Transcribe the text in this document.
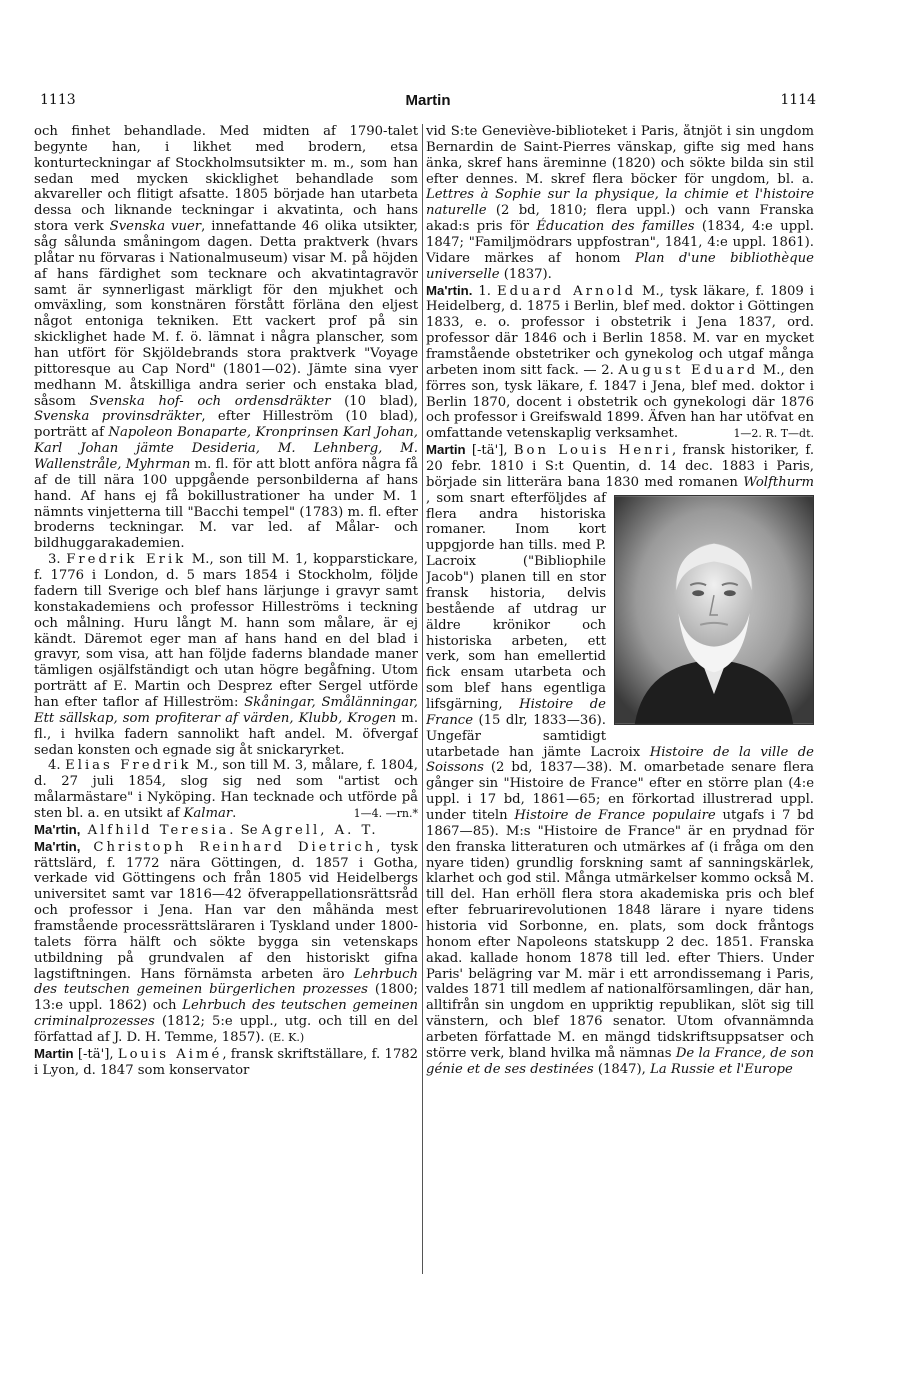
1113	Martin	1114

och finhet behandlade. Med midten af 1790-talet begynte han, i likhet med brodern, etsa konturteckningar af Stockholmsutsikter m. m., som han sedan med mycken skicklighet behandlade som akvareller och flitigt afsatte. 1805 började han utarbeta dessa och liknande teckningar i akvatinta, och hans stora verk Svenska vuer, innefattande 46 olika utsikter, såg sålunda småningom dagen. Detta praktverk (hvars plåtar nu förvaras i Nationalmuseum) visar M. på höjden af hans färdighet som tecknare och akvatintagravör samt är synnerligast märkligt för den mjukhet och omväxling, som konstnären förstått förläna den eljest något entoniga tekniken. Ett vackert prof på sin skicklighet hade M. f. ö. lämnat i några planscher, som han utfört för Skjöldebrands stora praktverk "Voyage pittoresque au Cap Nord" (1801—02). Jämte sina vyer medhann M. åtskilliga andra serier och enstaka blad, såsom Svenska hof- och ordensdräkter (10 blad), Svenska provinsdräkter, efter Hilleström (10 blad), porträtt af Napoleon Bonaparte, Kronprinsen Karl Johan, Karl Johan jämte Desideria, M. Lehnberg, M. Wallenstråle, Myhrman m. fl. för att blott anföra några få af de till nära 100 uppgående personbilderna af hans hand. Af hans ej få bokillustrationer ha under M. 1 nämnts vinjetterna till "Bacchi tempel" (1783) m. fl. efter broderns teckningar. M. var led. af Målar- och bildhuggarakademien.

3. Fredrik Erik M., son till M. 1, kopparstickare, f. 1776 i London, d. 5 mars 1854 i Stockholm, följde fadern till Sverige och blef hans lärjunge i gravyr samt konstakademiens och professor Hilleströms i teckning och målning. Huru långt M. hann som målare, är ej kändt. Däremot eger man af hans hand en del blad i gravyr, som visa, att han följde faderns blandade maner tämligen osjälfständigt och utan högre begåfning. Utom porträtt af E. Martin och Desprez efter Sergel utförde han efter taflor af Hilleström: Skåningar, Smålänningar, Ett sällskap, som profiterar af värden, Klubb, Krogen m. fl., i hvilka fadern sannolikt haft andel. M. öfvergaf sedan konsten och egnade sig åt snickaryrket.

4. Elias Fredrik M., son till M. 3, målare, f. 1804, d. 27 juli 1854, slog sig ned som "artist och målarmästare" i Nyköping. Han tecknade och utförde på sten bl. a. en utsikt af Kalmar.	1—4. —rn.*

Ma'rtin, Alfhild Teresia. Se Agrell, A. T.

Ma'rtin, Christoph Reinhard Dietrich, tysk rättslärd, f. 1772 nära Göttingen, d. 1857 i Gotha, verkade vid Göttingens och från 1805 vid Heidelbergs universitet samt var 1816—42 öfverappellationsrättsråd och professor i Jena. Han var den måhända mest framstående processrättsläraren i Tyskland under 1800-talets förra hälft och sökte bygga sin vetenskaps utbildning på grundvalen af den historiskt gifna lagstiftningen. Hans förnämsta arbeten äro Lehrbuch des teutschen gemeinen bürgerlichen prozesses (1800; 13:e uppl. 1862) och Lehrbuch des teutschen gemeinen criminalprozesses (1812; 5:e uppl., utg. och till en del författad af J. D. H. Temme, 1857). (E. K.)

Martin [-tä'], Louis Aimé, fransk skriftställare, f. 1782 i Lyon, d. 1847 som konservator

vid S:te Geneviève-biblioteket i Paris, åtnjöt i sin ungdom Bernardin de Saint-Pierres vänskap, gifte sig med hans änka, skref hans äreminne (1820) och sökte bilda sin stil efter dennes. M. skref flera böcker för ungdom, bl. a. Lettres à Sophie sur la physique, la chimie et l'histoire naturelle (2 bd, 1810; flera uppl.) och vann Franska akad:s pris för Éducation des familles (1834, 4:e uppl. 1847; "Familjmödrars uppfostran", 1841, 4:e uppl. 1861). Vidare märkes af honom Plan d'une bibliothèque universelle (1837).

Ma'rtin. 1. Eduard Arnold M., tysk läkare, f. 1809 i Heidelberg, d. 1875 i Berlin, blef med. doktor i Göttingen 1833, e. o. professor i obstetrik i Jena 1837, ord. professor där 1846 och i Berlin 1858. M. var en mycket framstående obstetriker och gynekolog och utgaf många arbeten inom sitt fack. — 2. August Eduard M., den förres son, tysk läkare, f. 1847 i Jena, blef med. doktor i Berlin 1870, docent i obstetrik och gynekologi där 1876 och professor i Greifswald 1899. Äfven han har utöfvat en omfattande vetenskaplig verksamhet.	1—2. R. T—dt.

Martin [-tä'], Bon Louis Henri, fransk historiker, f. 20 febr. 1810 i S:t Quentin, d. 14 dec. 1883 i Paris, började sin litterära bana 1830 med romanen Wolfthurm
, som snart efterföljdes af flera andra historiska romaner. Inom kort uppgjorde han tills. med P. Lacroix ("Bibliophile Jacob") planen till en stor fransk historia, delvis bestående af utdrag ur äldre krönikor och historiska arbeten, ett verk, som han emellertid fick ensam utarbeta och som blef hans egentliga lifsgärning, Histoire de France (15 dlr, 1833—36). Ungefär samtidigt utarbetade han jämte Lacroix Histoire de la ville de Soissons (2 bd, 1837—38). M. omarbetade senare flera gånger sin "Histoire de France" efter en större plan (4:e uppl. i 17 bd, 1861—65; en förkortad illustrerad uppl. under titeln Histoire de France populaire utgafs i 7 bd 1867—85). M:s "Histoire de France" är en prydnad för den franska litteraturen och utmärkes af (i fråga om den nyare tiden) grundlig forskning samt af sanningskärlek, klarhet och god stil. Många utmärkelser kommo också M. till del. Han erhöll flera stora akademiska pris och blef efter februarirevolutionen 1848 lärare i nyare tidens historia vid Sorbonne, en. plats, som dock fråntogs honom efter Napoleons statskupp 2 dec. 1851. Franska akad. kallade honom 1878 till led. efter Thiers. Under Paris' belägring var M. mär i ett arrondissemang i Paris, valdes 1871 till medlem af nationalförsamlingen, där han, alltifrån sin ungdom en uppriktig republikan, slöt sig till vänstern, och blef 1876 senator. Utom ofvannämnda arbeten författade M. en mängd tidskriftsuppsatser och större verk, bland hvilka må nämnas De la France, de son génie et de ses destinées (1847), La Russie et l'Europe
